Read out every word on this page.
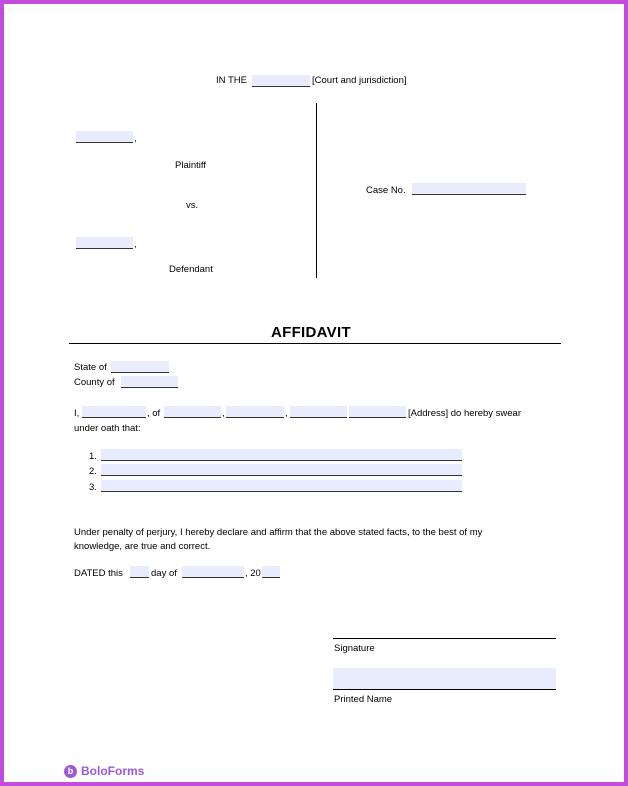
IN THE	[Court and jurisdiction]
,
Plaintiff
vs.
,
Defendant
Case No.
AFFIDAVIT
State of
County of
I,	, of	,	,	[Address] do hereby swear
under oath that:
1.
2.
3.
Under penalty of perjury, I hereby declare and affirm that the above stated facts, to the best of my
knowledge, are true and correct.
DATED this	day of	, 20
Signature
Printed Name
b BoloForms
